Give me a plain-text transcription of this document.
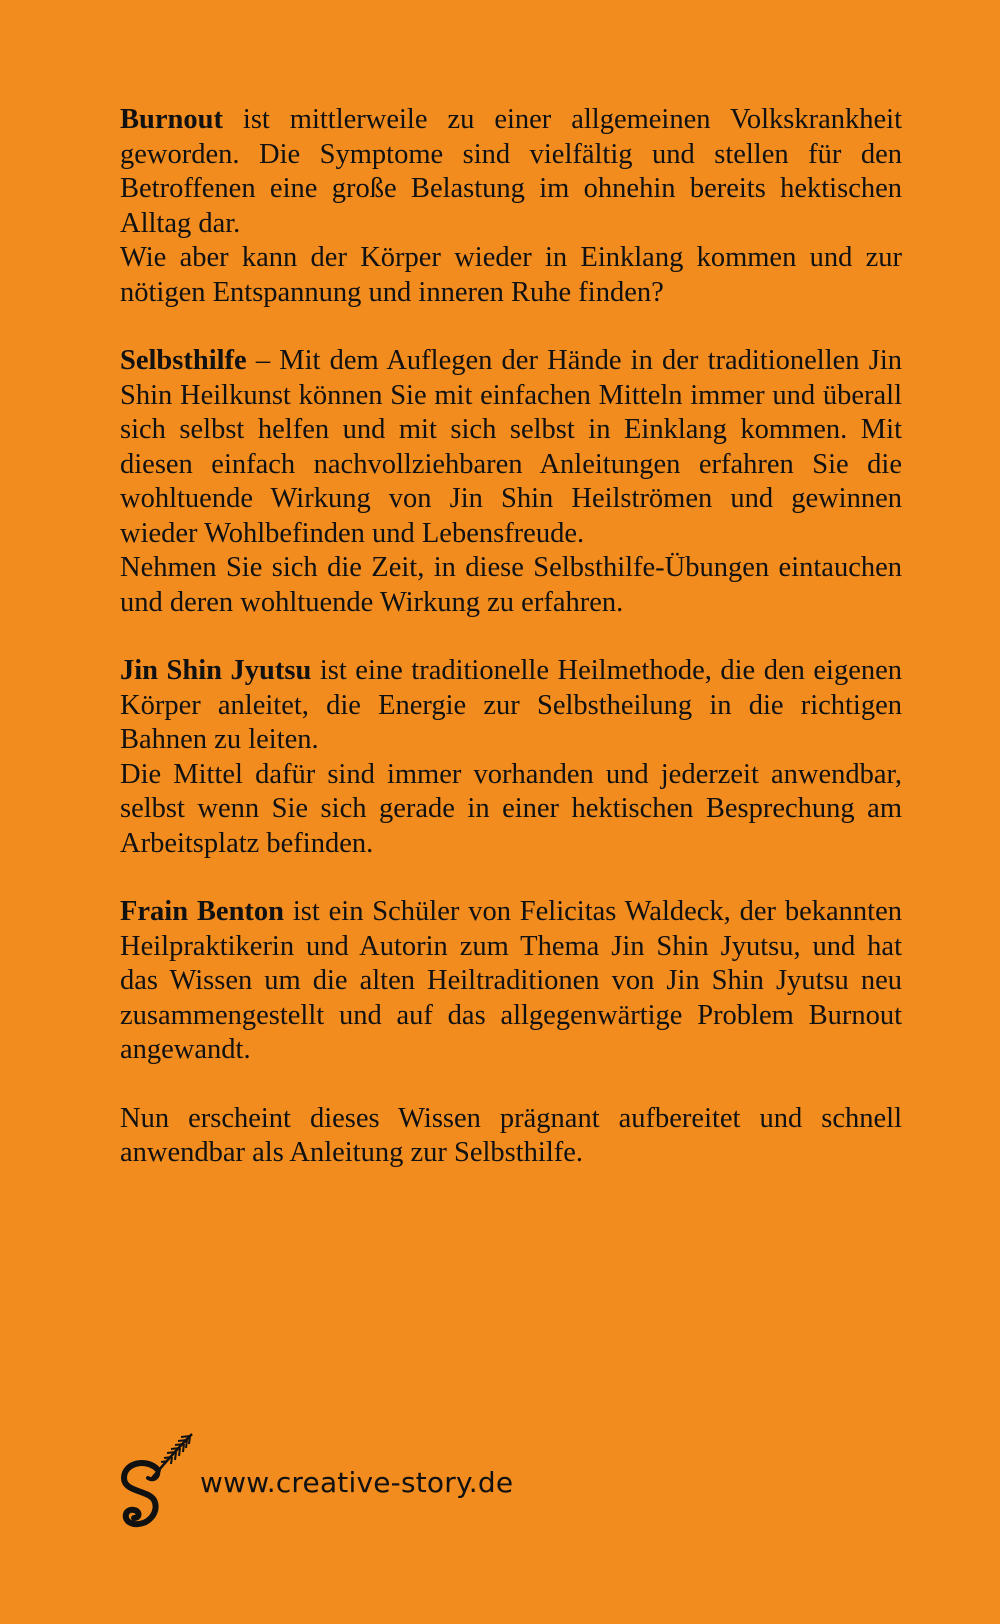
Burnout ist mittlerweile zu einer allgemeinen Volkskrankheit geworden. Die Symptome sind vielfältig und stellen für den Betroffenen eine große Belastung im ohnehin bereits hektischen Alltag dar.

Wie aber kann der Körper wieder in Einklang kommen und zur nötigen Entspannung und inneren Ruhe finden?

Selbsthilfe – Mit dem Auflegen der Hände in der traditionellen Jin Shin Heilkunst können Sie mit einfachen Mitteln immer und überall sich selbst helfen und mit sich selbst in Einklang kommen. Mit diesen einfach nachvollziehbaren Anleitungen erfahren Sie die wohltuende Wirkung von Jin Shin Heilströmen und gewinnen wieder Wohlbefinden und Lebensfreude.

Nehmen Sie sich die Zeit, in diese Selbsthilfe-Übungen eintauchen und deren wohltuende Wirkung zu erfahren.

Jin Shin Jyutsu ist eine traditionelle Heilmethode, die den eigenen Körper anleitet, die Energie zur Selbstheilung in die richtigen Bahnen zu leiten.

Die Mittel dafür sind immer vorhanden und jederzeit anwendbar, selbst wenn Sie sich gerade in einer hektischen Besprechung am Arbeitsplatz befinden.

Frain Benton ist ein Schüler von Felicitas Waldeck, der bekannten Heilpraktikerin und Autorin zum Thema Jin Shin Jyutsu, und hat das Wissen um die alten Heiltraditionen von Jin Shin Jyutsu neu zusammengestellt und auf das allgegenwärtige Problem Burnout angewandt.

Nun erscheint dieses Wissen prägnant aufbereitet und schnell anwendbar als Anleitung zur Selbsthilfe.

www.creative-story.de
